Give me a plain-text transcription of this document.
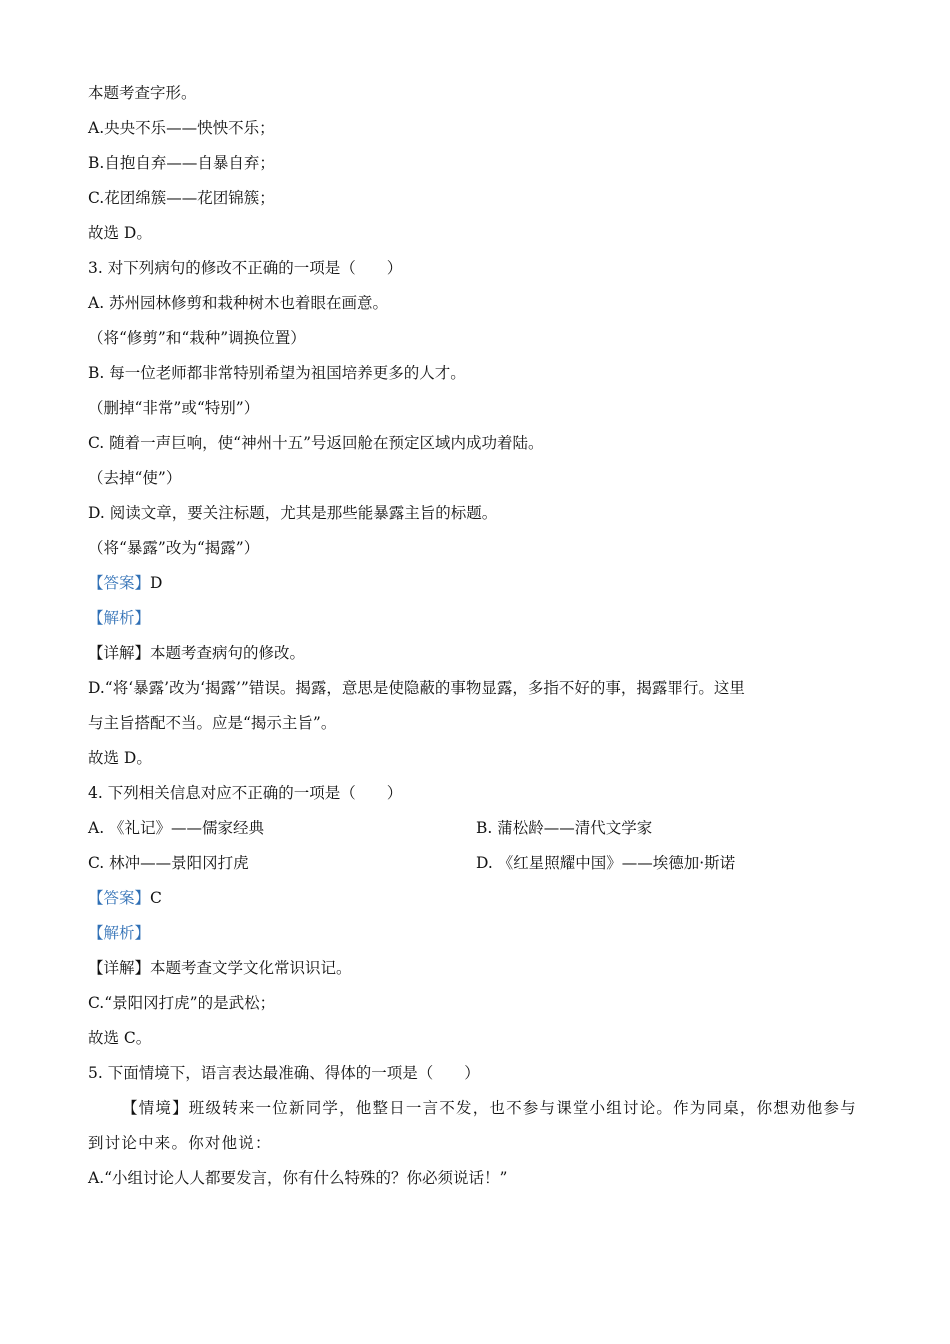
本题考查字形。
A.央央不乐——怏怏不乐；
B.自抱自弃——自暴自弃；
C.花团绵簇——花团锦簇；
故选 D。
3. 对下列病句的修改不正确的一项是（　　）
A. 苏州园林修剪和栽种树木也着眼在画意。
（将“修剪”和“栽种”调换位置）
B. 每一位老师都非常特别希望为祖国培养更多的人才。
（删掉“非常”或“特别”）
C. 随着一声巨响，使“神州十五”号返回舱在预定区域内成功着陆。
（去掉“使”）
D. 阅读文章，要关注标题，尤其是那些能暴露主旨的标题。
（将“暴露”改为“揭露”）
【答案】D
【解析】
【详解】本题考查病句的修改。
D.“将‘暴露’改为‘揭露’”错误。揭露，意思是使隐蔽的事物显露，多指不好的事，揭露罪行。这里
与主旨搭配不当。应是“揭示主旨”。
故选 D。
4. 下列相关信息对应不正确的一项是（　　）
A. 《礼记》——儒家经典	B. 蒲松龄——清代文学家
C. 林冲——景阳冈打虎	D. 《红星照耀中国》——埃德加·斯诺
【答案】C
【解析】
【详解】本题考查文学文化常识识记。
C.“景阳冈打虎”的是武松；
故选 C。
5. 下面情境下，语言表达最准确、得体的一项是（　　）
【情境】班级转来一位新同学，他整日一言不发，也不参与课堂小组讨论。作为同桌，你想劝他参与
到讨论中来。你对他说：
A.“小组讨论人人都要发言，你有什么特殊的？你必须说话！”
